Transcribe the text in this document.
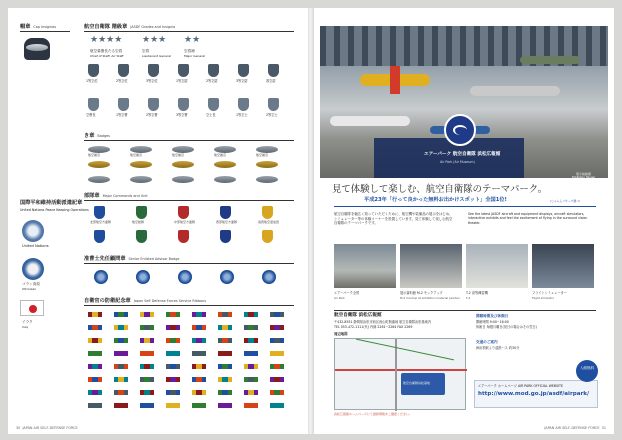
帽章 Cap Insignias
国際平和維持活動派遣記章
United Nations Peace Keeping Operations
United Nations
ゴラン高原
UN Golan
イラク
Iraq
航空自衛隊 階級章 JASDF Grades and Insignia
★★★★ ★★★ ★★
航空幕僚長たる空将	空将	空将補
Chief of Staff, Air Staff	Lieutenant General	Major General
き章 Badges
部隊章 Major Commands and Unit
准曹士先任顧問章 Senior Enlisted Advisor Badge
自衛官の防衛記念章 Japan Self Defense Forces Service Ribbons
30 JAPAN AIR SELF-DEFENSE FORCE
1等空佐	2等空佐	3等空佐	1等空尉	2等空尉	3等空尉	准空尉
空曹長	1等空曹	2等空曹	3等空曹	空士長	1等空士	2等空士
航空徽章	航空徽章	航空徽章	航空徽章	航空徽章
北部航空方面隊	航空総隊	中部航空方面隊	西部航空方面隊	南西航空混成団
展示格納庫
Exhibition Hangar
エアーパーク 航空自衛隊 浜松広報館
Air Park (Air Museum)
見て体験して楽しむ、航空自衛隊のテーマパーク。
平成23年「行って良かった無料お出かけスポット」全国1位!	(じゃらんリサーチ調べ)
航空自衛隊を幅広く知っていただくために、航空機や装備品の展示をはじめ、シミュレーター等の体験コーナーを設置しています。見て体験して楽しむ航空自衛隊のテーマパークです。
See the latest JASDF aircraft and equipment displays, aircraft simulators, interactive exhibits and feel the excitement of flying in the surround vision theater.
航空自衛隊 浜松広報館
〒432-8551 静岡県浜松市西区西山町無番地 航空自衛隊浜松基地内
TEL 053-472-1111(代) 内線 2261~2264 FAX 2269
周辺地図
航空自衛隊浜松基地
浜松広報館ホームページにて最新情報をご確認ください。
開館時間及び休館日
開館時間 9:00~16:00
休館日 毎週月曜日(祝日の場合はその翌日)
交通のご案内
JR浜松駅より遠鉄バス 約30分
エアーパーク ホームページ AIR PARK OFFICIAL WEBSITE
http://www.mod.go.jp/asdf/airpark/
入館無料
JAPAN AIR SELF-DEFENSE FORCE 31
エアーパーク全景
Air Park
展示資料館 M-2 モックアップ
M-2 mockup at exhibition material pavilion
T-2 高等練習機
T-2
フライトシミュレーター
Flight simulator
